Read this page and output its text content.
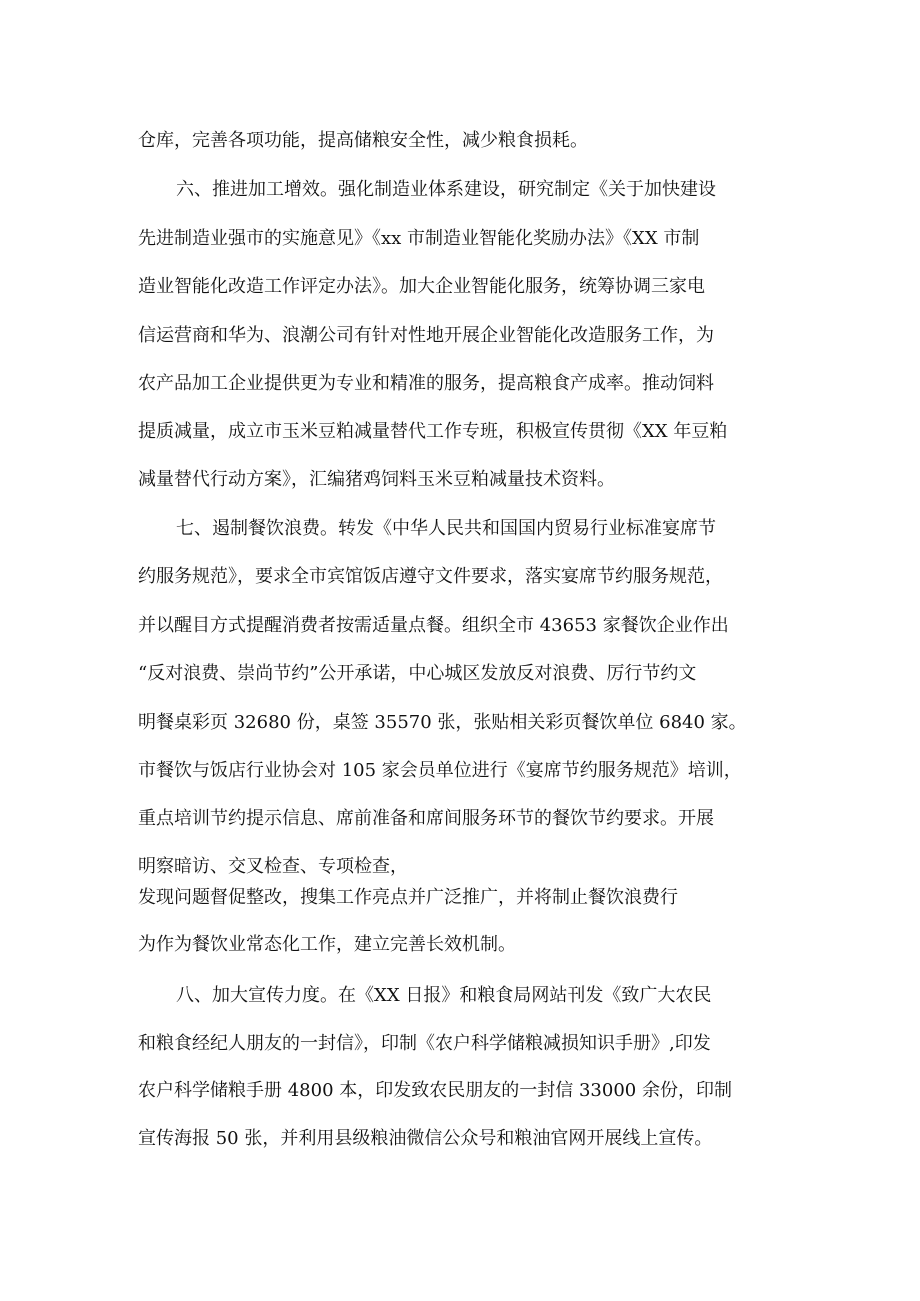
仓库，完善各项功能，提高储粮安全性，减少粮食损耗。

六、推进加工增效。强化制造业体系建设，研究制定《关于加快建设

先进制造业强市的实施意见》《xx 市制造业智能化奖励办法》《XX 市制

造业智能化改造工作评定办法》。加大企业智能化服务，统筹协调三家电

信运营商和华为、浪潮公司有针对性地开展企业智能化改造服务工作，为

农产品加工企业提供更为专业和精准的服务，提高粮食产成率。推动饲料

提质减量，成立市玉米豆粕减量替代工作专班，积极宣传贯彻《XX 年豆粕

减量替代行动方案》，汇编猪鸡饲料玉米豆粕减量技术资料。

七、遏制餐饮浪费。转发《中华人民共和国国内贸易行业标准宴席节

约服务规范》，要求全市宾馆饭店遵守文件要求，落实宴席节约服务规范，

并以醒目方式提醒消费者按需适量点餐。组织全市 43653 家餐饮企业作出

“反对浪费、崇尚节约”公开承诺，中心城区发放反对浪费、厉行节约文

明餐桌彩页 32680 份，桌签 35570 张，张贴相关彩页餐饮单位 6840 家。

市餐饮与饭店行业协会对 105 家会员单位进行《宴席节约服务规范》培训，

重点培训节约提示信息、席前准备和席间服务环节的餐饮节约要求。开展

明察暗访、交叉检查、专项检查，

发现问题督促整改，搜集工作亮点并广泛推广，并将制止餐饮浪费行

为作为餐饮业常态化工作，建立完善长效机制。

八、加大宣传力度。在《XX 日报》和粮食局网站刊发《致广大农民

和粮食经纪人朋友的一封信》，印制《农户科学储粮减损知识手册》,印发

农户科学储粮手册 4800 本，印发致农民朋友的一封信 33000 余份，印制

宣传海报 50 张，并利用县级粮油微信公众号和粮油官网开展线上宣传。
